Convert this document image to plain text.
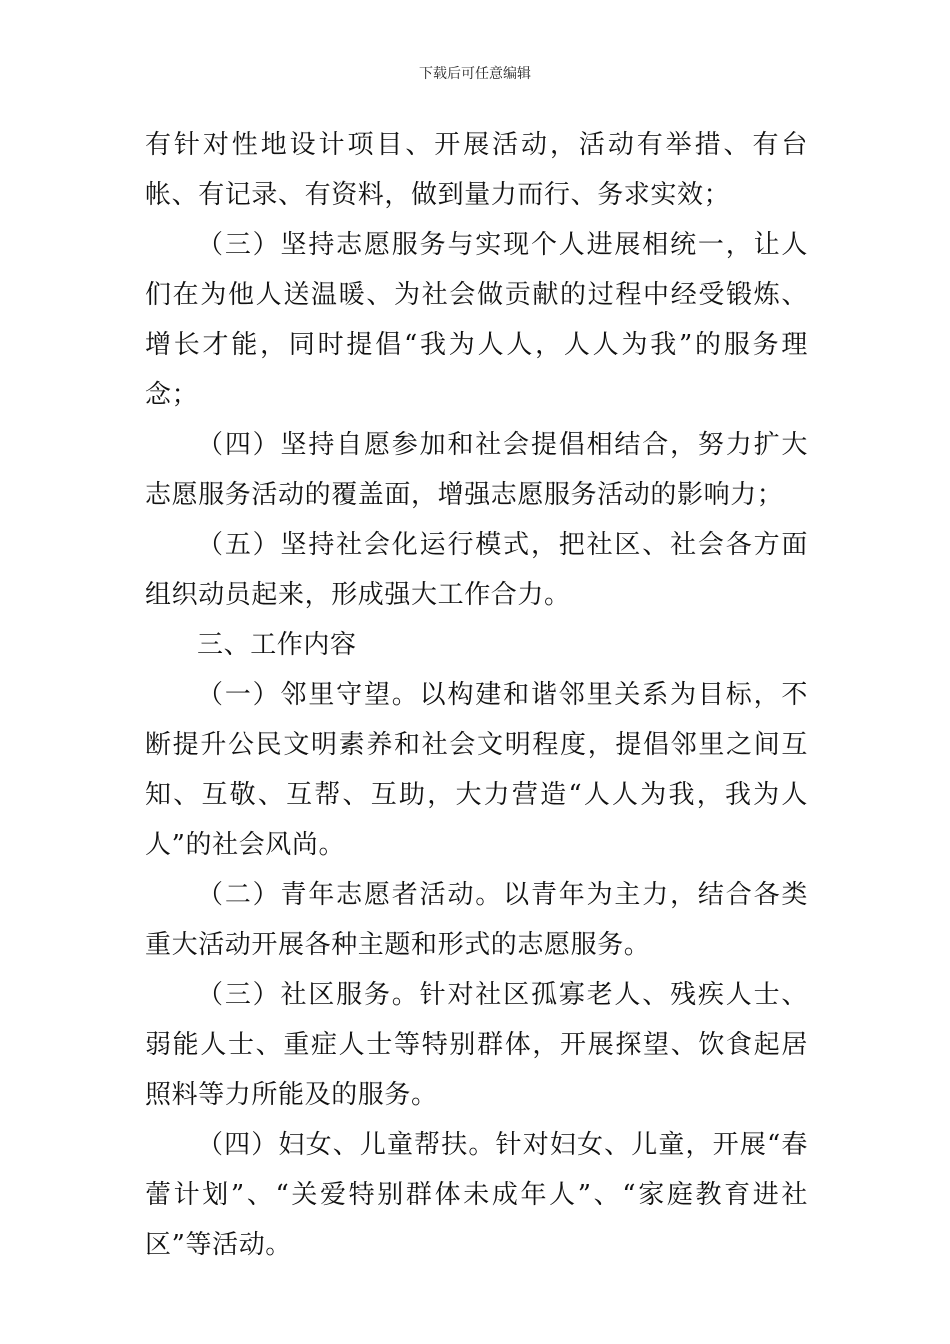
下载后可任意编辑

有针对性地设计项目、开展活动，活动有举措、有台帐、有记录、有资料，做到量力而行、务求实效；

（三）坚持志愿服务与实现个人进展相统一，让人们在为他人送温暖、为社会做贡献的过程中经受锻炼、增长才能，同时提倡“我为人人，人人为我”的服务理念；

（四）坚持自愿参加和社会提倡相结合，努力扩大志愿服务活动的覆盖面，增强志愿服务活动的影响力；

（五）坚持社会化运行模式，把社区、社会各方面组织动员起来，形成强大工作合力。

三、工作内容

（一）邻里守望。以构建和谐邻里关系为目标，不断提升公民文明素养和社会文明程度，提倡邻里之间互知、互敬、互帮、互助，大力营造“人人为我，我为人人”的社会风尚。

（二）青年志愿者活动。以青年为主力，结合各类重大活动开展各种主题和形式的志愿服务。

（三）社区服务。针对社区孤寡老人、残疾人士、弱能人士、重症人士等特别群体，开展探望、饮食起居照料等力所能及的服务。

（四）妇女、儿童帮扶。针对妇女、儿童，开展“春蕾计划”、“关爱特别群体未成年人”、“家庭教育进社区”等活动。
